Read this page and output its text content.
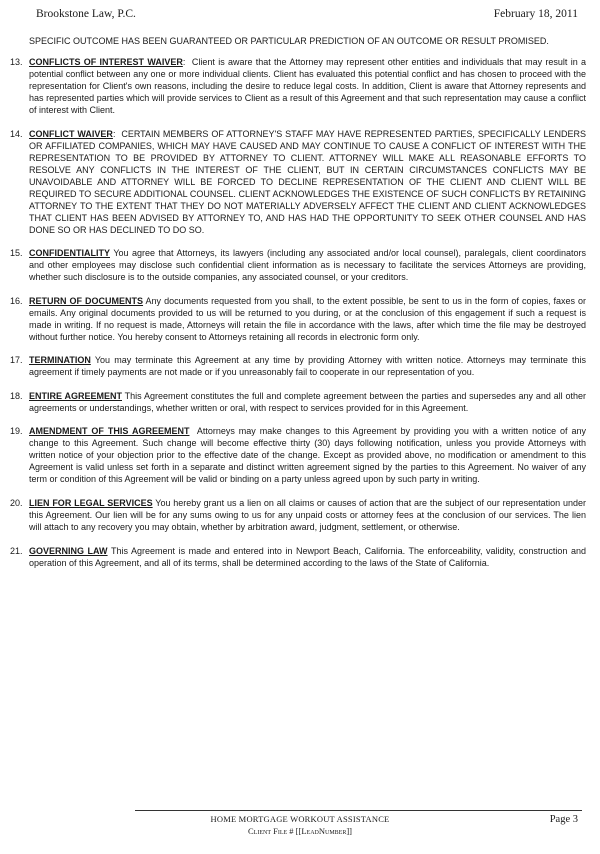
Brookstone Law, P.C.	February 18, 2011

SPECIFIC OUTCOME HAS BEEN GUARANTEED OR PARTICULAR PREDICTION OF AN OUTCOME OR RESULT PROMISED.

13. CONFLICTS OF INTEREST WAIVER: Client is aware that the Attorney may represent other entities and individuals that may result in a potential conflict between any one or more individual clients. Client has evaluated this potential conflict and has chosen to proceed with the representation for Client's own reasons, including the desire to reduce legal costs. In addition, Client is aware that Attorney represents and has represented parties which will provide services to Client as a result of this Agreement and that such representation may cause a conflict of interest with Client.
14. CONFLICT WAIVER: CERTAIN MEMBERS OF ATTORNEY'S STAFF MAY HAVE REPRESENTED PARTIES, SPECIFICALLY LENDERS OR AFFILIATED COMPANIES, WHICH MAY HAVE CAUSED AND MAY CONTINUE TO CAUSE A CONFLICT OF INTEREST WITH THE REPRESENTATION TO BE PROVIDED BY ATTORNEY TO CLIENT. ATTORNEY WILL MAKE ALL REASONABLE EFFORTS TO RESOLVE ANY CONFLICTS IN THE INTEREST OF THE CLIENT, BUT IN CERTAIN CIRCUMSTANCES CONFLICTS MAY BE UNAVOIDABLE AND ATTORNEY WILL BE FORCED TO DECLINE REPRESENTATION OF THE CLIENT AND CLIENT WILL BE REQUIRED TO SECURE ADDITIONAL COUNSEL. CLIENT ACKNOWLEDGES THE EXISTENCE OF SUCH CONFLICTS BY RETAINING ATTORNEY TO THE EXTENT THAT THEY DO NOT MATERIALLY ADVERSELY AFFECT THE CLIENT AND CLIENT ACKNOWLEDGES THAT CLIENT HAS BEEN ADVISED BY ATTORNEY TO, AND HAS HAD THE OPPORTUNITY TO SEEK OTHER COUNSEL AND HAS DONE SO OR HAS DECLINED TO DO SO.
15. CONFIDENTIALITY You agree that Attorneys, its lawyers (including any associated and/or local counsel), paralegals, client coordinators and other employees may disclose such confidential client information as is necessary to facilitate the services Attorneys are providing, whether such disclosure is to the outside companies, any associated counsel, or your creditors.
16. RETURN OF DOCUMENTS Any documents requested from you shall, to the extent possible, be sent to us in the form of copies, faxes or emails. Any original documents provided to us will be returned to you during, or at the conclusion of this engagement if such a request is made in writing. If no request is made, Attorneys will retain the file in accordance with the laws, after which time the file may be destroyed without further notice. You hereby consent to Attorneys retaining all records in electronic form only.
17. TERMINATION You may terminate this Agreement at any time by providing Attorney with written notice. Attorneys may terminate this agreement if timely payments are not made or if you unreasonably fail to cooperate in our representation of you.
18. ENTIRE AGREEMENT This Agreement constitutes the full and complete agreement between the parties and supersedes any and all other agreements or understandings, whether written or oral, with respect to services provided for in this Agreement.
19. AMENDMENT OF THIS AGREEMENT Attorneys may make changes to this Agreement by providing you with a written notice of any change to this Agreement. Such change will become effective thirty (30) days following notification, unless you provide Attorneys with written notice of your objection prior to the effective date of the change. Except as provided above, no modification or amendment to this Agreement is valid unless set forth in a separate and distinct written agreement signed by the parties to this Agreement. No waiver of any term or condition of this Agreement will be valid or binding on a party unless agreed upon by such party in writing.
20. LIEN FOR LEGAL SERVICES You hereby grant us a lien on all claims or causes of action that are the subject of our representation under this Agreement. Our lien will be for any sums owing to us for any unpaid costs or attorney fees at the conclusion of our services. The lien will attach to any recovery you may obtain, whether by arbitration award, judgment, settlement, or otherwise.
21. GOVERNING LAW This Agreement is made and entered into in Newport Beach, California. The enforceability, validity, construction and operation of this Agreement, and all of its terms, shall be determined according to the laws of the State of California.
HOME MORTGAGE WORKOUT ASSISTANCE
Client File # [[LeadNumber]]
Page 3
